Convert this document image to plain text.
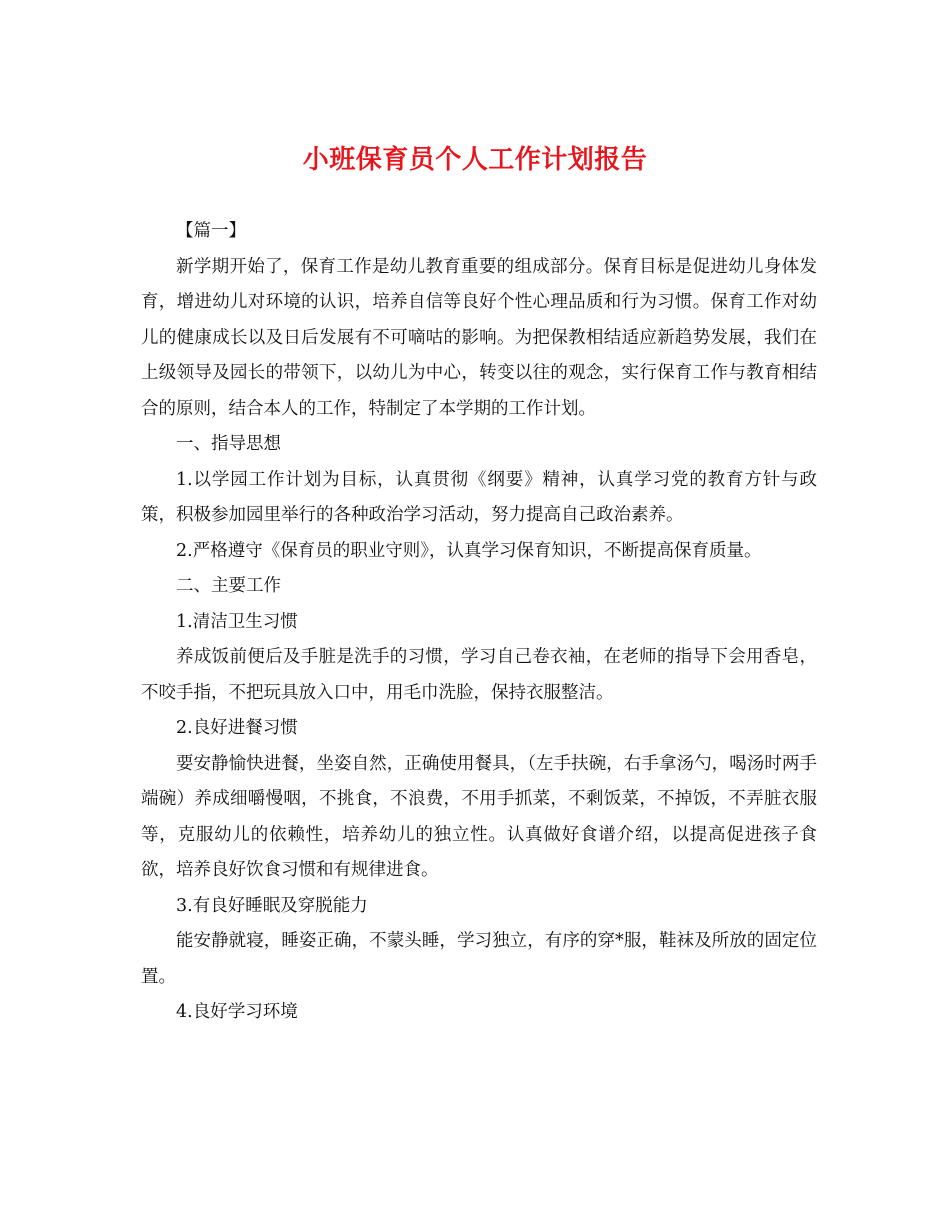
小班保育员个人工作计划报告

【篇一】

新学期开始了，保育工作是幼儿教育重要的组成部分。保育目标是促进幼儿身体发育，增进幼儿对环境的认识，培养自信等良好个性心理品质和行为习惯。保育工作对幼儿的健康成长以及日后发展有不可嘀咕的影响。为把保教相结适应新趋势发展，我们在上级领导及园长的带领下，以幼儿为中心，转变以往的观念，实行保育工作与教育相结合的原则，结合本人的工作，特制定了本学期的工作计划。

一、指导思想

1.以学园工作计划为目标，认真贯彻《纲要》精神，认真学习党的教育方针与政策，积极参加园里举行的各种政治学习活动，努力提高自己政治素养。

2.严格遵守《保育员的职业守则》，认真学习保育知识，不断提高保育质量。

二、主要工作

1.清洁卫生习惯

养成饭前便后及手脏是洗手的习惯，学习自己卷衣袖，在老师的指导下会用香皂，不咬手指，不把玩具放入口中，用毛巾洗脸，保持衣服整洁。

2.良好进餐习惯

要安静愉快进餐，坐姿自然，正确使用餐具，（左手扶碗，右手拿汤勺，喝汤时两手端碗）养成细嚼慢咽，不挑食，不浪费，不用手抓菜，不剩饭菜，不掉饭，不弄脏衣服等，克服幼儿的依赖性，培养幼儿的独立性。认真做好食谱介绍，以提高促进孩子食欲，培养良好饮食习惯和有规律进食。

3.有良好睡眠及穿脱能力

能安静就寝，睡姿正确，不蒙头睡，学习独立，有序的穿*服，鞋袜及所放的固定位置。

4.良好学习环境
